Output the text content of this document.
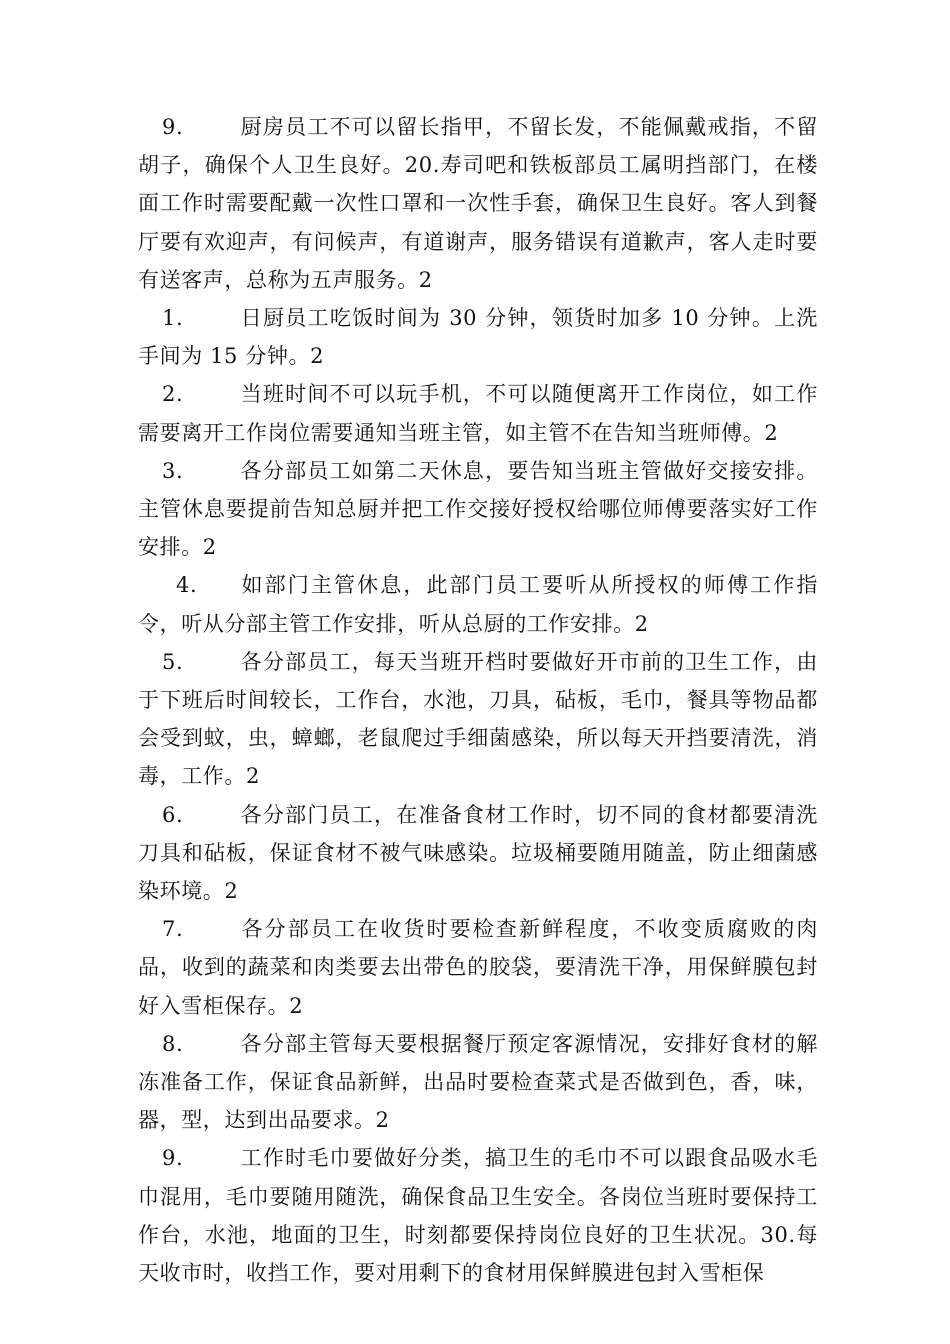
9.	厨房员工不可以留长指甲，不留长发，不能佩戴戒指，不留胡子，确保个人卫生良好。20.寿司吧和铁板部员工属明挡部门，在楼面工作时需要配戴一次性口罩和一次性手套，确保卫生良好。客人到餐厅要有欢迎声，有问候声，有道谢声，服务错误有道歉声，客人走时要有送客声，总称为五声服务。2

1.	日厨员工吃饭时间为 30 分钟，领货时加多 10 分钟。上洗手间为 15 分钟。2

2.	当班时间不可以玩手机，不可以随便离开工作岗位，如工作需要离开工作岗位需要通知当班主管，如主管不在告知当班师傅。2

3.	各分部员工如第二天休息，要告知当班主管做好交接安排。主管休息要提前告知总厨并把工作交接好授权给哪位师傅要落实好工作安排。2

4. 如部门主管休息，此部门员工要听从所授权的师傅工作指令，听从分部主管工作安排，听从总厨的工作安排。2

5.	各分部员工，每天当班开档时要做好开市前的卫生工作，由于下班后时间较长，工作台，水池，刀具，砧板，毛巾，餐具等物品都会受到蚊，虫，蟑螂，老鼠爬过手细菌感染，所以每天开挡要清洗，消毒，工作。2

6.	各分部门员工，在准备食材工作时，切不同的食材都要清洗刀具和砧板，保证食材不被气味感染。垃圾桶要随用随盖，防止细菌感染环境。2

7.	各分部员工在收货时要检查新鲜程度，不收变质腐败的肉品，收到的蔬菜和肉类要去出带色的胶袋，要清洗干净，用保鲜膜包封好入雪柜保存。2

8.	各分部主管每天要根据餐厅预定客源情况，安排好食材的解冻准备工作，保证食品新鲜，出品时要检查菜式是否做到色，香，味，器，型，达到出品要求。2

9.	工作时毛巾要做好分类，搞卫生的毛巾不可以跟食品吸水毛巾混用，毛巾要随用随洗，确保食品卫生安全。各岗位当班时要保持工作台，水池，地面的卫生，时刻都要保持岗位良好的卫生状况。30.每天收市时，收挡工作，要对用剩下的食材用保鲜膜进包封入雪柜保
